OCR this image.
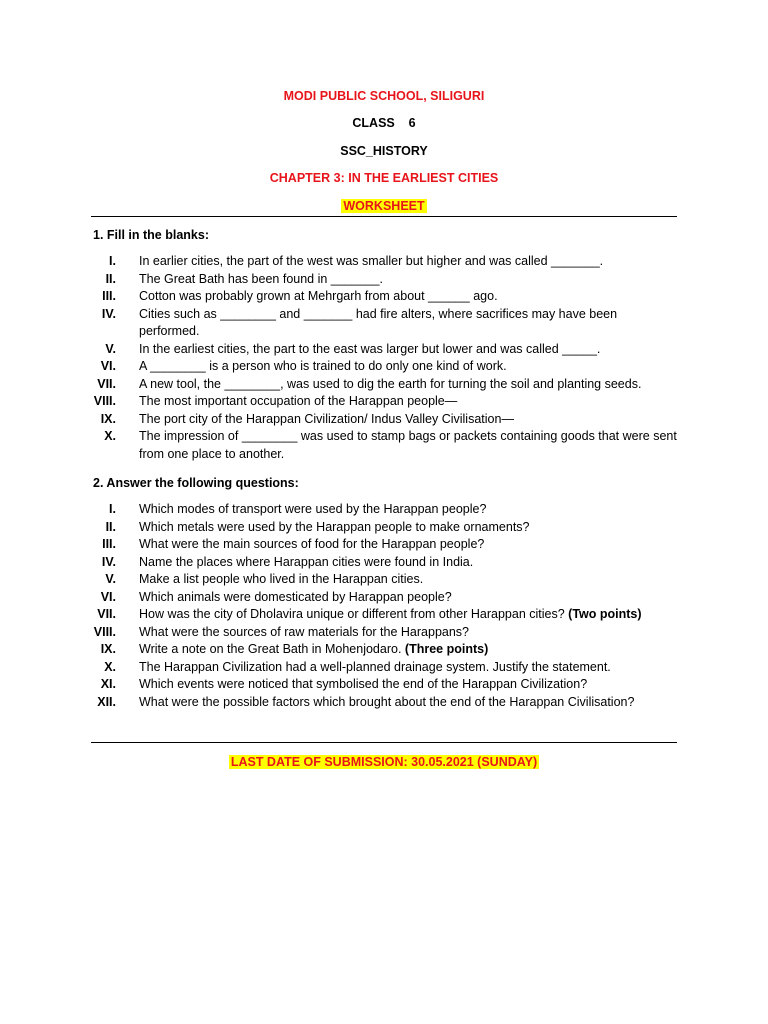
MODI PUBLIC SCHOOL, SILIGURI
CLASS    6
SSC_HISTORY
CHAPTER 3: IN THE EARLIEST CITIES
WORKSHEET
1. Fill in the blanks:
I. In earlier cities, the part of the west was smaller but higher and was called _______.
II. The Great Bath has been found in _______.
III. Cotton was probably grown at Mehrgarh from about ______ ago.
IV. Cities such as ________ and _______ had fire alters, where sacrifices may have been performed.
V. In the earliest cities, the part to the east was larger but lower and was called _____.
VI. A ________ is a person who is trained to do only one kind of work.
VII. A new tool, the ________, was used to dig the earth for turning the soil and planting seeds.
VIII. The most important occupation of the Harappan people—
IX. The port city of the Harappan Civilization/ Indus Valley Civilisation—
X. The impression of ________ was used to stamp bags or packets containing goods that were sent from one place to another.
2. Answer the following questions:
I. Which modes of transport were used by the Harappan people?
II. Which metals were used by the Harappan people to make ornaments?
III. What were the main sources of food for the Harappan people?
IV. Name the places where Harappan cities were found in India.
V. Make a list people who lived in the Harappan cities.
VI. Which animals were domesticated by Harappan people?
VII. How was the city of Dholavira unique or different from other Harappan cities? (Two points)
VIII. What were the sources of raw materials for the Harappans?
IX. Write a note on the Great Bath in Mohenjodaro. (Three points)
X. The Harappan Civilization had a well-planned drainage system. Justify the statement.
XI. Which events were noticed that symbolised the end of the Harappan Civilization?
XII. What were the possible factors which brought about the end of the Harappan Civilisation?
LAST DATE OF SUBMISSION: 30.05.2021 (SUNDAY)
